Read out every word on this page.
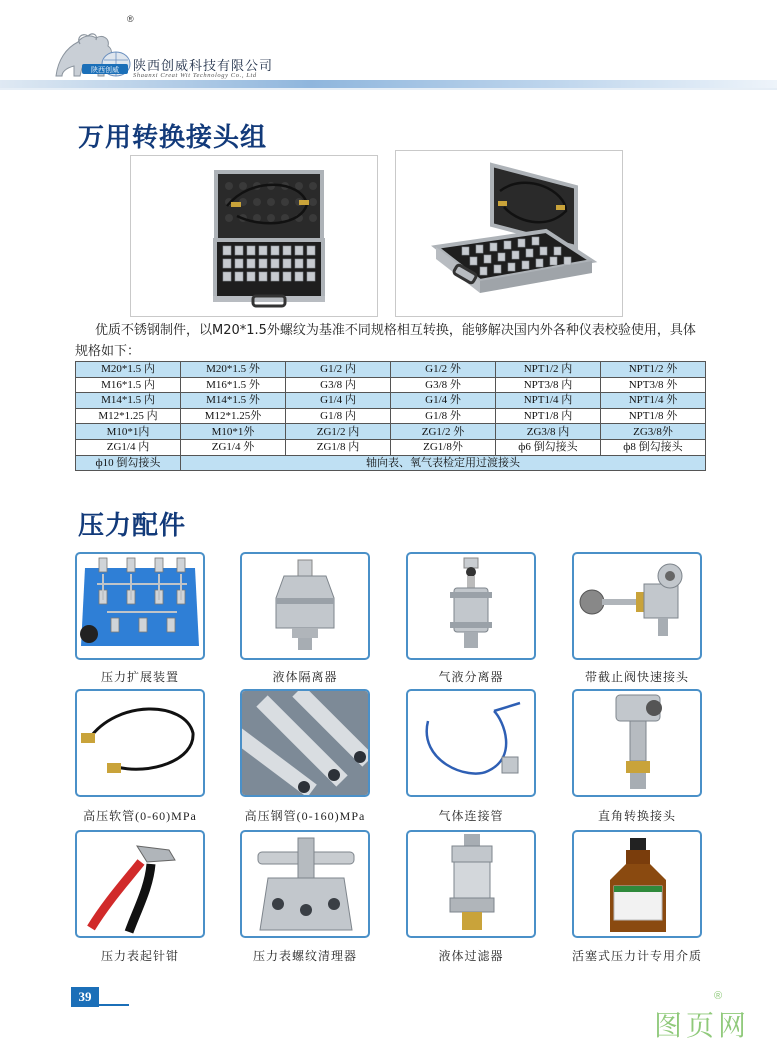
陕西创威
®
陕西创威科技有限公司
Shaanxi Creat Wit Technology Co., Ltd
万用转换接头组
优质不锈钢制件，以M20*1.5外螺纹为基准不同规格相互转换，能够解决国内外各种仪表校验使用，具体规格如下：
M20*1.5 内	M20*1.5 外	G1/2 内	G1/2 外	NPT1/2 内	NPT1/2 外
M16*1.5 内	M16*1.5 外	G3/8 内	G3/8 外	NPT3/8 内	NPT3/8 外
M14*1.5 内	M14*1.5 外	G1/4 内	G1/4 外	NPT1/4 内	NPT1/4 外
M12*1.25 内	M12*1.25外	G1/8 内	G1/8 外	NPT1/8 内	NPT1/8 外
M10*1内	M10*1外	ZG1/2 内	ZG1/2 外	ZG3/8 内	ZG3/8外
ZG1/4 内	ZG1/4 外	ZG1/8 内	ZG1/8外	ф6 倒勾接头	ф8 倒勾接头
ф10 倒勾接头	轴向表、氧气表检定用过渡接头				
压力配件
压力扩展装置	液体隔离器	气液分离器	带截止阀快速接头
高压软管(0-60)MPa	高压钢管(0-160)MPa	气体连接管	直角转换接头
压力表起针钳	压力表螺纹清理器	液体过滤器	活塞式压力计专用介质
39
图页网
®
